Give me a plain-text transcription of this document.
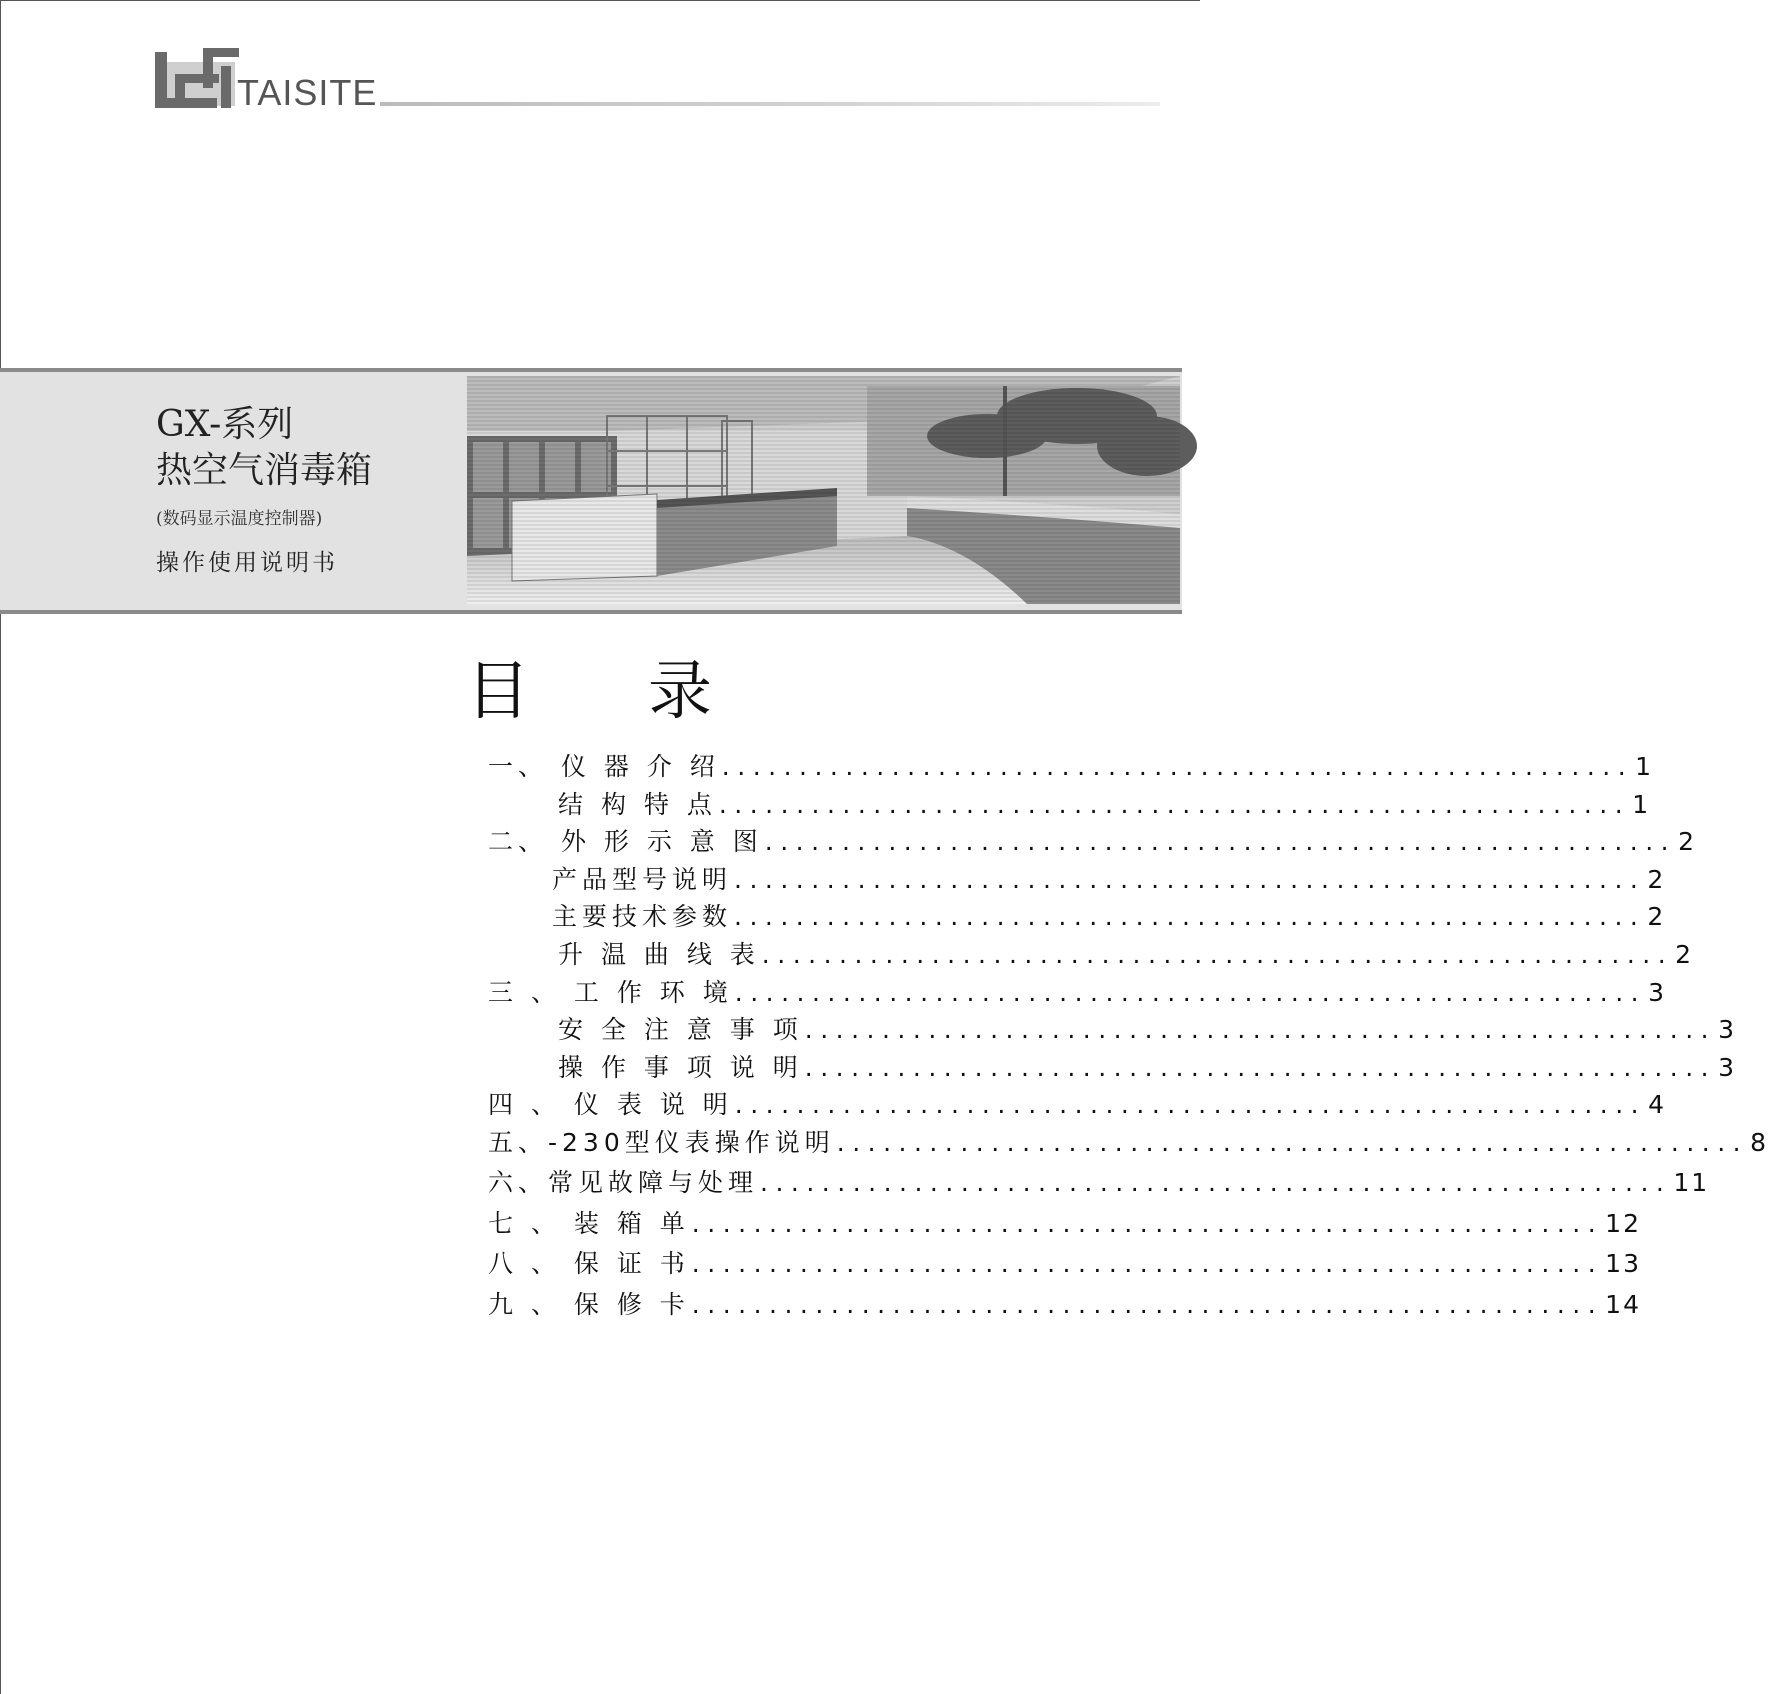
TAISITE
GX-系列
热空气消毒箱
(数码显示温度控制器)
操作使用说明书
目 录
一、 仪 器 介 绍 ........................................................... 1
结 构 特 点 ........................................................... 1
二、 外 形 示 意 图 ........................................................... 2
产品型号说明 ........................................................... 2
主要技术参数 ........................................................... 2
升 温 曲 线 表 ........................................................... 2
三 、 工 作 环 境 ........................................................... 3
安 全 注 意 事 项 ........................................................... 3
操 作 事 项 说 明 ........................................................... 3
四 、 仪 表 说 明 ........................................................... 4
五、-230型仪表操作说明 ........................................................... 8
六、常见故障与处理 ........................................................... 11
七 、 装 箱 单 ........................................................... 12
八 、 保 证 书 ........................................................... 13
九 、 保 修 卡 ........................................................... 14
